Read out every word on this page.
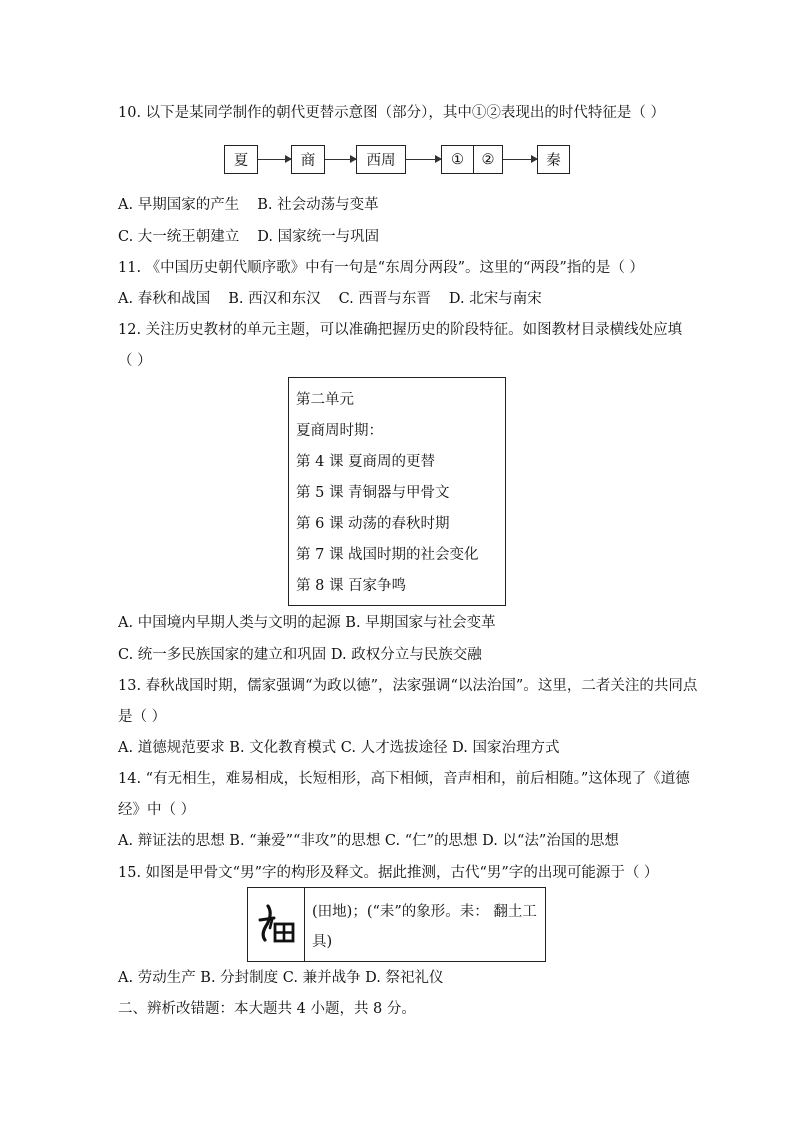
10. 以下是某同学制作的朝代更替示意图（部分），其中①②表现出的时代特征是（ ）
夏	商	西周	①	②	秦
A. 早期国家的产生 B. 社会动荡与变革
C. 大一统王朝建立 D. 国家统一与巩固
11. 《中国历史朝代顺序歌》中有一句是“东周分两段”。这里的“两段”指的是（ ）
A. 春秋和战国 B. 西汉和东汉 C. 西晋与东晋 D. 北宋与南宋
12. 关注历史教材的单元主题，可以准确把握历史的阶段特征。如图教材目录横线处应填
（ ）
第二单元
夏商周时期：
第 4 课 夏商周的更替
第 5 课 青铜器与甲骨文
第 6 课 动荡的春秋时期
第 7 课 战国时期的社会变化
第 8 课 百家争鸣
A. 中国境内早期人类与文明的起源 B. 早期国家与社会变革
C. 统一多民族国家的建立和巩固 D. 政权分立与民族交融
13. 春秋战国时期，儒家强调“为政以德”，法家强调“以法治国”。这里，二者关注的共同点
是（ ）
A. 道德规范要求 B. 文化教育模式 C. 人才选拔途径 D. 国家治理方式
14. “有无相生，难易相成，长短相形，高下相倾，音声相和，前后相随。”这体现了《道德
经》中（ ）
A. 辩证法的思想 B. “兼爱”“非攻”的思想 C. “仁”的思想 D. 以“法”治国的思想
15. 如图是甲骨文“男”字的构形及释文。据此推测，古代“男”字的出现可能源于（ ）
(田地)；(“耒”的象形。耒： 翻土工
具)
A. 劳动生产 B. 分封制度 C. 兼并战争 D. 祭祀礼仪
二、辨析改错题：本大题共 4 小题，共 8 分。
